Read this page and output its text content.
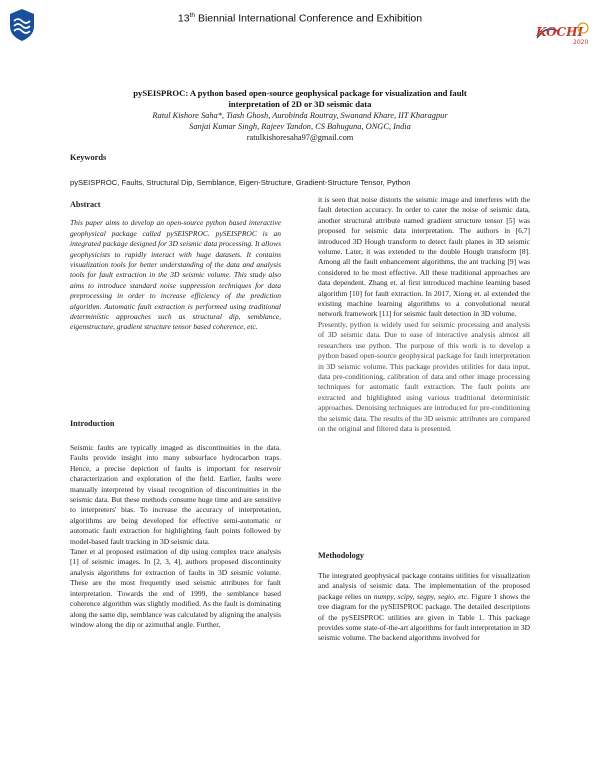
13th Biennial International Conference and Exhibition
KOCHI
2020
pySEISPROC: A python based open-source geophysical package for visualization and fault
interpretation of 2D or 3D seismic data
Ratul Kishore Saha*, Tiash Ghosh, Aurobinda Routray, Swanand Khare, IIT Kharagpur
Sanjai Kumar Singh, Rajeev Tandon, CS Bahuguna, ONGC, India
ratulkishoresaha97@gmail.com
Keywords
pySEISPROC, Faults, Structural Dip, Semblance, Eigen-Structure, Gradient-Structure Tensor, Python
Abstract

This paper aims to develop an open-source python based interactive geophysical package called pySEISPROC. pySEISPROC is an integrated package designed for 3D seismic data processing. It allows geophysicists to rapidly interact with huge datasets. It contains visualization tools for better understanding of the data and analysis tools for fault extraction in the 3D seismic volume. This study also aims to introduce standard noise suppression techniques for data preprocessing in order to increase efficiency of the prediction algorithm. Automatic fault extraction is performed using traditional deterministic approaches such as structural dip, semblance, eigenstructure, gradient structure tensor based coherence, etc.

Introduction

Seismic faults are typically imaged as discontinuities in the data. Faults provide insight into many subsurface hydrocarbon traps. Hence, a precise depiction of faults is important for reservoir characterization and exploration of the field. Earlier, faults were manually interpreted by visual recognition of discontinuities in the seismic data. But these methods consume huge time and are sensitive to interpreters' bias. To increase the accuracy of interpretation, algorithms are being developed for effective semi-automatic or automatic fault extraction for highlighting fault points followed by model-based fault tracking in 3D seismic data.

Taner et al proposed estimation of dip using complex trace analysis [1] of seismic images. In [2, 3, 4], authors proposed discontinuity analysis algorithms for extraction of faults in 3D seismic volume. These are the most frequently used seismic attributes for fault interpretation. Towards the end of 1999, the semblance based coherence algorithm was slightly modified. As the fault is dominating along the same dip, semblance was calculated by aligning the analysis window along the dip or azimuthal angle. Further,

it is seen that noise distorts the seismic image and interferes with the fault detection accuracy. In order to cater the noise of seismic data, another structural attribute named gradient structure tensor [5] was proposed for seismic data interpretation. The authors in [6,7] introduced 3D Hough transform to detect fault planes in 3D seismic volume. Later, it was extended to the double Hough transform [8]. Among all the fault enhancement algorithms, the ant tracking [9] was considered to be most effective. All these traditional approaches are data dependent. Zhang et. al first introduced machine learning based algorithm [10] for fault extraction. In 2017, Xiong et. al extended the existing machine learning algorithms to a convolutional neural network framework [11] for seismic fault detection in 3D volume.

Presently, python is widely used for seismic processing and analysis of 3D seismic data. Due to ease of interactive analysis almost all researchers use python. The purpose of this work is to develop a python based open-source geophysical package for fault interpretation in 3D seismic volume. This package provides utilities for data input, data pre-conditioning, calibration of data and other image processing techniques for automatic fault extraction. The fault points are extracted and highlighted using various traditional deterministic approaches. Denoising techniques are introduced for pre-conditioning the seismic data. The results of the 3D seismic attributes are compared on the original and filtered data is presented.

Methodology

The integrated geophysical package contains utilities for visualization and analysis of seismic data. The implementation of the proposed package relies on numpy, scipy, segpy, segio, etc. Figure 1 shows the tree diagram for the pySEISPROC package. The detailed descriptions of the pySEISPROC utilities are given in Table 1. This package provides some state-of-the-art algorithms for fault interpretation in 3D seismic volume. The backend algorithms involved for
